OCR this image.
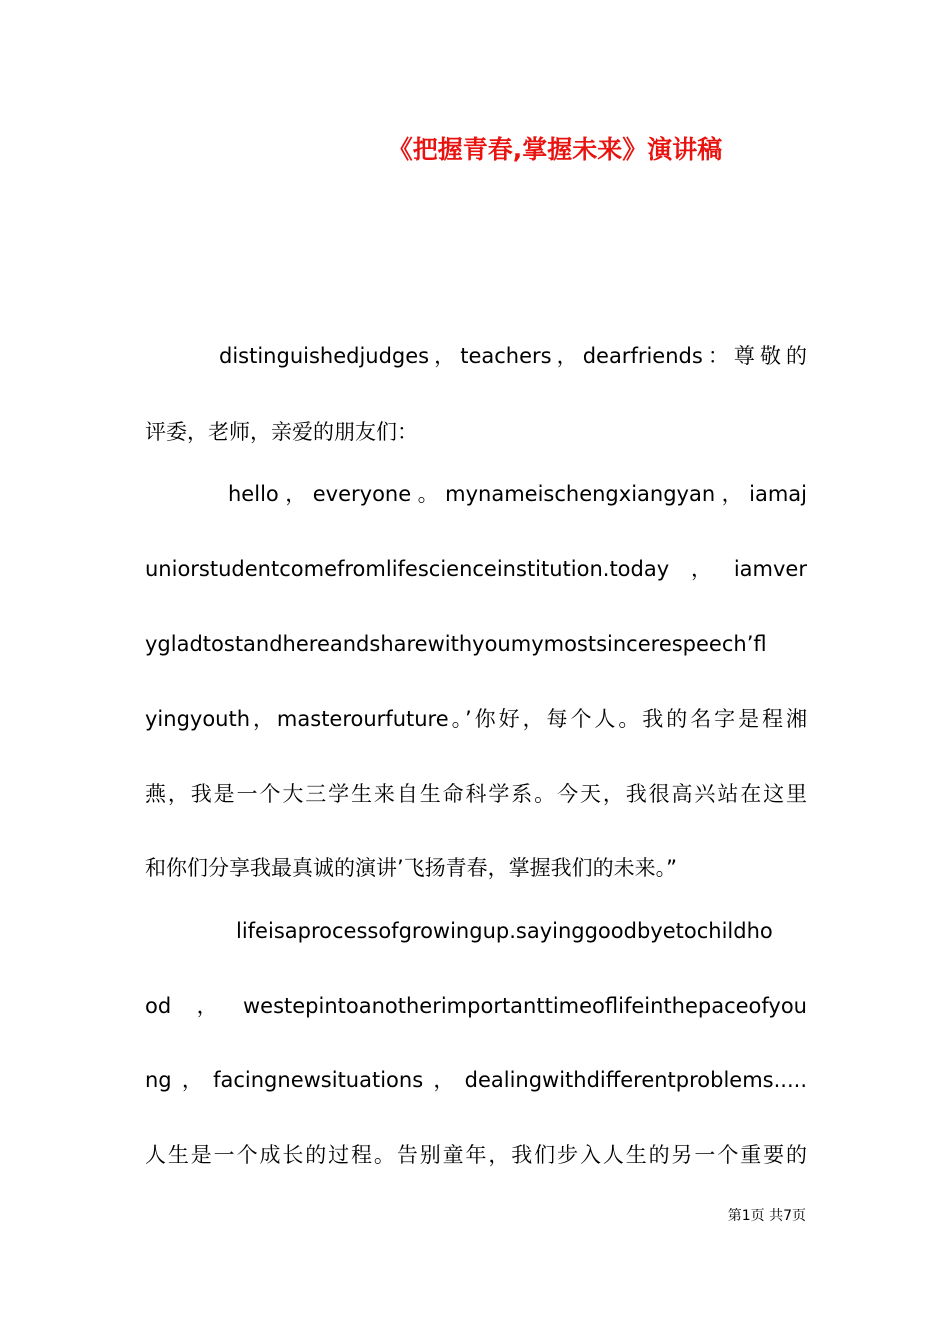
《把握青春,掌握未来》演讲稿
distinguishedjudges，teachers，dearfriends：尊敬的
评委，老师，亲爱的朋友们：
hello，everyone。mynameischengxiangyan，iamaj
uniorstudentcomefromlifescienceinstitution.today，iamver
ygladtostandhereandsharewithyoumymostsincerespeech’fl
yingyouth，masterourfuture。’你好，每个人。我的名字是程湘
燕，我是一个大三学生来自生命科学系。今天，我很高兴站在这里
和你们分享我最真诚的演讲’飞扬青春，掌握我们的未来。”
lifeisaprocessofgrowingup.sayinggoodbyetochildho
od，westepintoanotherimportanttimeoflifeinthepaceofyou
ng，facingnewsituations，dealingwithdifferentproblems.....
人生是一个成长的过程。告别童年，我们步入人生的另一个重要的
第1页 共7页
